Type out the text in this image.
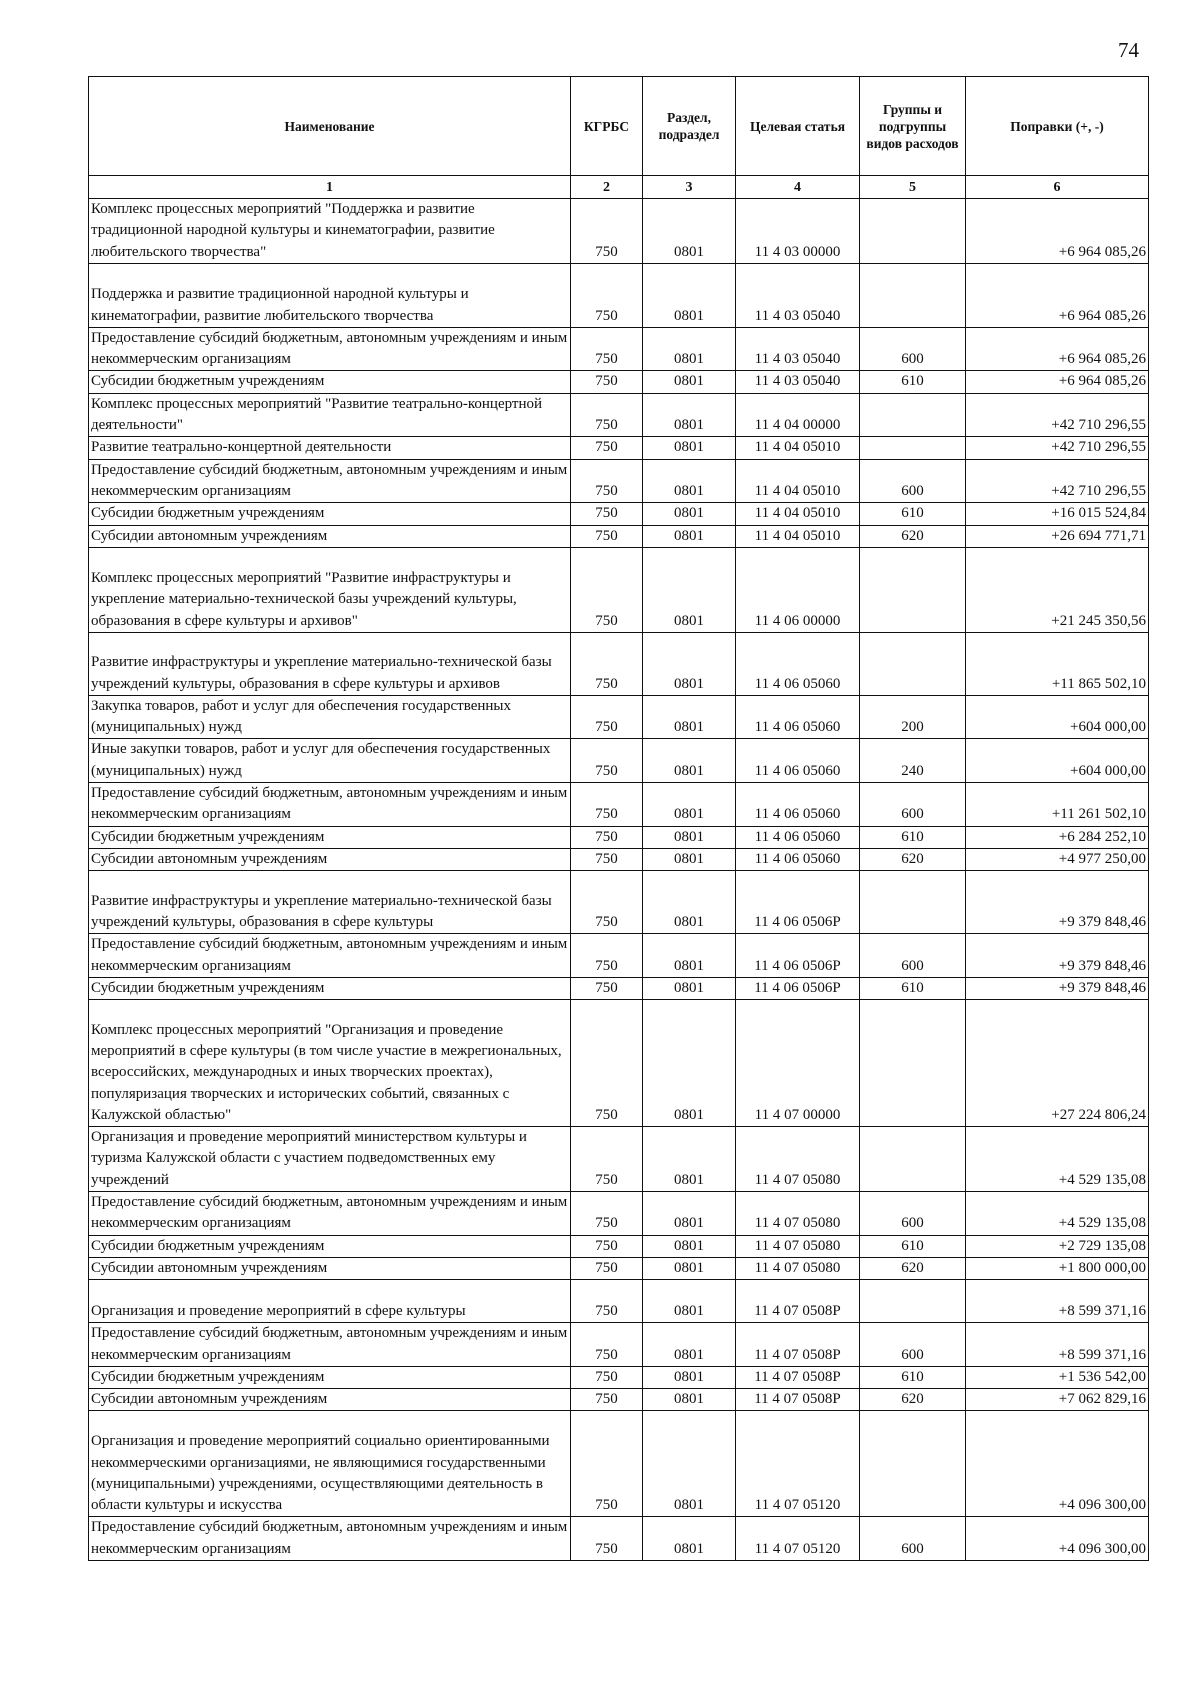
74
Наименование	КГРБС	Раздел, подраздел	Целевая статья	Группы и подгруппы видов расходов	Поправки (+, -)
1	2	3	4	5	6
Комплекс процессных мероприятий "Поддержка и развитие традиционной народной культуры и кинематографии, развитие любительского творчества"	750	0801	11 4 03 00000		+6 964 085,26
Поддержка и развитие традиционной народной культуры и кинематографии, развитие любительского творчества	750	0801	11 4 03 05040		+6 964 085,26
Предоставление субсидий бюджетным, автономным учреждениям и иным некоммерческим организациям	750	0801	11 4 03 05040	600	+6 964 085,26
Субсидии бюджетным учреждениям	750	0801	11 4 03 05040	610	+6 964 085,26
Комплекс процессных мероприятий "Развитие театрально-концертной деятельности"	750	0801	11 4 04 00000		+42 710 296,55
Развитие театрально-концертной деятельности	750	0801	11 4 04 05010		+42 710 296,55
Предоставление субсидий бюджетным, автономным учреждениям и иным некоммерческим организациям	750	0801	11 4 04 05010	600	+42 710 296,55
Субсидии бюджетным учреждениям	750	0801	11 4 04 05010	610	+16 015 524,84
Субсидии автономным учреждениям	750	0801	11 4 04 05010	620	+26 694 771,71
Комплекс процессных мероприятий "Развитие инфраструктуры и укрепление материально-технической базы учреждений культуры, образования в сфере культуры и архивов"	750	0801	11 4 06 00000		+21 245 350,56
Развитие инфраструктуры и укрепление материально-технической базы учреждений культуры, образования в сфере культуры и архивов	750	0801	11 4 06 05060		+11 865 502,10
Закупка товаров, работ и услуг для обеспечения государственных (муниципальных) нужд	750	0801	11 4 06 05060	200	+604 000,00
Иные закупки товаров, работ и услуг для обеспечения государственных (муниципальных) нужд	750	0801	11 4 06 05060	240	+604 000,00
Предоставление субсидий бюджетным, автономным учреждениям и иным некоммерческим организациям	750	0801	11 4 06 05060	600	+11 261 502,10
Субсидии бюджетным учреждениям	750	0801	11 4 06 05060	610	+6 284 252,10
Субсидии автономным учреждениям	750	0801	11 4 06 05060	620	+4 977 250,00
Развитие инфраструктуры и укрепление материально-технической базы учреждений культуры, образования в сфере культуры	750	0801	11 4 06 0506Р		+9 379 848,46
Предоставление субсидий бюджетным, автономным учреждениям и иным некоммерческим организациям	750	0801	11 4 06 0506Р	600	+9 379 848,46
Субсидии бюджетным учреждениям	750	0801	11 4 06 0506Р	610	+9 379 848,46
Комплекс процессных мероприятий "Организация и проведение мероприятий в сфере культуры (в том числе участие в межрегиональных, всероссийских, международных и иных творческих проектах), популяризация творческих и исторических событий, связанных с Калужской областью"	750	0801	11 4 07 00000		+27 224 806,24
Организация и проведение мероприятий министерством культуры и туризма Калужской области с участием подведомственных ему учреждений	750	0801	11 4 07 05080		+4 529 135,08
Предоставление субсидий бюджетным, автономным учреждениям и иным некоммерческим организациям	750	0801	11 4 07 05080	600	+4 529 135,08
Субсидии бюджетным учреждениям	750	0801	11 4 07 05080	610	+2 729 135,08
Субсидии автономным учреждениям	750	0801	11 4 07 05080	620	+1 800 000,00
Организация и проведение мероприятий в сфере культуры	750	0801	11 4 07 0508Р		+8 599 371,16
Предоставление субсидий бюджетным, автономным учреждениям и иным некоммерческим организациям	750	0801	11 4 07 0508Р	600	+8 599 371,16
Субсидии бюджетным учреждениям	750	0801	11 4 07 0508Р	610	+1 536 542,00
Субсидии автономным учреждениям	750	0801	11 4 07 0508Р	620	+7 062 829,16
Организация и проведение мероприятий социально ориентированными некоммерческими организациями, не являющимися государственными (муниципальными) учреждениями, осуществляющими деятельность в области культуры и искусства	750	0801	11 4 07 05120		+4 096 300,00
Предоставление субсидий бюджетным, автономным учреждениям и иным некоммерческим организациям	750	0801	11 4 07 05120	600	+4 096 300,00
